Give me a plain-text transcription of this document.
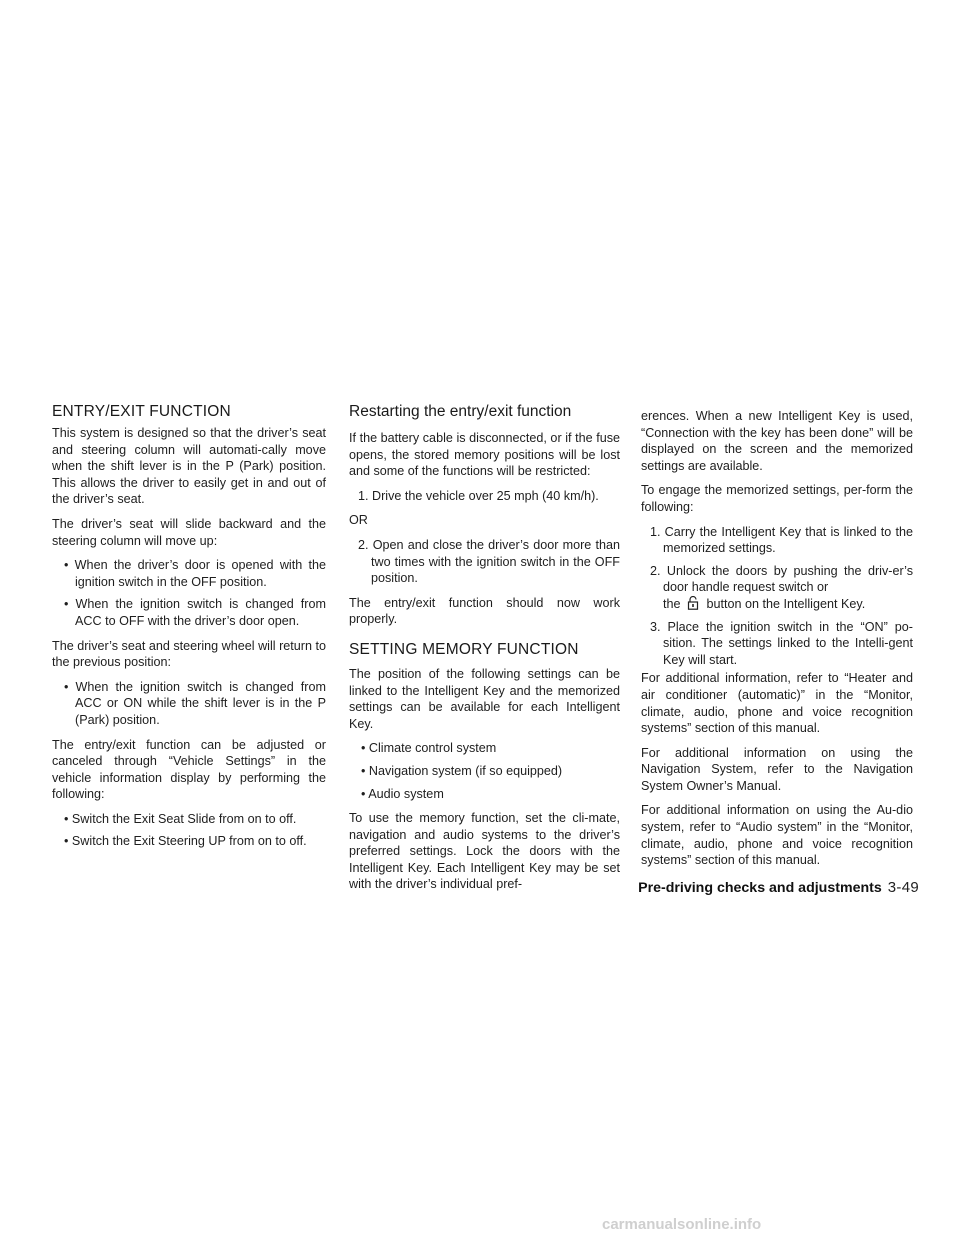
ENTRY/EXIT FUNCTION

This system is designed so that the driver’s seat and steering column will automati-cally move when the shift lever is in the P (Park) position. This allows the driver to easily get in and out of the driver’s seat.

The driver’s seat will slide backward and the steering column will move up:

• When the driver’s door is opened with the ignition switch in the OFF position.
• When the ignition switch is changed from ACC to OFF with the driver’s door open.

The driver’s seat and steering wheel will return to the previous position:

• When the ignition switch is changed from ACC or ON while the shift lever is in the P (Park) position.

The entry/exit function can be adjusted or canceled through “Vehicle Settings” in the vehicle information display by performing the following:

• Switch the Exit Seat Slide from on to off.
• Switch the Exit Steering UP from on to off.
Restarting the entry/exit function

If the battery cable is disconnected, or if the fuse opens, the stored memory positions will be lost and some of the functions will be restricted:

1. Drive the vehicle over 25 mph (40 km/h).

OR

2. Open and close the driver’s door more than two times with the ignition switch in the OFF position.

The entry/exit function should now work properly.

SETTING MEMORY FUNCTION

The position of the following settings can be linked to the Intelligent Key and the memorized settings can be available for each Intelligent Key.

• Climate control system
• Navigation system (if so equipped)
• Audio system

To use the memory function, set the cli-mate, navigation and audio systems to the driver’s preferred settings. Lock the doors with the Intelligent Key. Each Intelligent Key may be set with the driver’s individual pref-

erences. When a new Intelligent Key is used, “Connection with the key has been done” will be displayed on the screen and the memorized settings are available.

To engage the memorized settings, per-form the following:

1. Carry the Intelligent Key that is linked to the memorized settings.
2. Unlock the doors by pushing the driv-er’s door handle request switch or
the button on the Intelligent Key.
3. Place the ignition switch in the “ON” po-sition. The settings linked to the Intelli-gent Key will start.

For additional information, refer to “Heater and air conditioner (automatic)” in the “Monitor, climate, audio, phone and voice recognition systems” section of this manual.

For additional information on using the Navigation System, refer to the Navigation System Owner’s Manual.

For additional information on using the Au-dio system, refer to “Audio system” in the “Monitor, climate, audio, phone and voice recognition systems” section of this manual.

Pre-driving checks and adjustments 3-49
carmanualsonline.info
